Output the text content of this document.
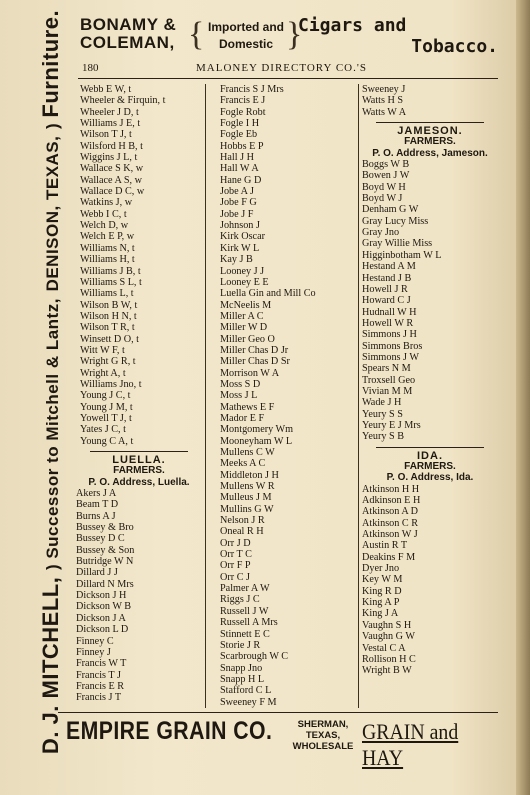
BONAMY &
COLEMAN, { Imported and
Domestic }
Cigars and
Tobacco.
180	MALONEY DIRECTORY CO.'S
D. J. MITCHELL, ) Successor to Mitchell & Lantz, DENISON, TEXAS, ) Furniture.	Webb E W, t
Wheeler & Firquin, t
Wheeler J D, t
Williams J E, t
Wilson T J, t
Wilsford H B, t
Wiggins J L, t
Wallace S K, w
Wallace A S, w
Wallace D C, w
Watkins J, w
Webb I C, t
Welch D, w
Welch E P, w
Williams N, t
Williams H, t
Williams J B, t
Williams S L, t
Williams L, t
Wilson B W, t
Wilson H N, t
Wilson T R, t
Winsett D O, t
Witt W F, t
Wright G R, t
Wright A, t
Williams Jno, t
Young J C, t
Young J M, t
Yowell T J, t
Yates J C, t
Young C A, t
LUELLA.
FARMERS.
P. O. Address, Luella.
Akers J A
Beam T D
Burns A J
Bussey & Bro
Bussey D C
Bussey & Son
Butridge W N
Dillard J J
Dillard N Mrs
Dickson J H
Dickson W B
Dickson J A
Dickson L D
Finney C
Finney J
Francis W T
Francis T J
Francis E R
Francis J T
Francis S J Mrs
Francis E J
Fogle Robt
Fogle I H
Fogle Eb
Hobbs E P
Hall J H
Hall W A
Hane G D
Jobe A J
Jobe F G
Jobe J F
Johnson J
Kirk Oscar
Kirk W L
Kay J B
Looney J J
Looney E E
Luella Gin and Mill Co
McNeelis M
Miller A C
Miller W D
Miller Geo O
Miller Chas D Jr
Miller Chas D Sr
Morrison W A
Moss S D
Moss J L
Mathews E F
Mador E F
Montgomery Wm
Mooneyham W L
Mullens C W
Meeks A C
Middleton J H
Mullens W R
Mulleus J M
Mullins G W
Nelson J R
Oneal R H
Orr J D
Orr T C
Orr F P
Orr C J
Palmer A W
Riggs J C
Russell J W
Russell A Mrs
Stinnett E C
Storie J R
Scarbrough W C
Snapp Jno
Snapp H L
Stafford C L
Sweeney F M
Sweeney J
Watts H S
Watts W A
JAMESON.
FARMERS.
P. O. Address, Jameson.
Boggs W B
Bowen J W
Boyd W H
Boyd W J
Denham G W
Gray Lucy Miss
Gray Jno
Gray Willie Miss
Higginbotham W L
Hestand A M
Hestand J B
Howell J R
Howard C J
Hudnall W H
Howell W R
Simmons J H
Simmons Bros
Simmons J W
Spears N M
Troxsell Geo
Vivian M M
Wade J H
Yeury S S
Yeury E J Mrs
Yeury S B
IDA.
FARMERS.
P. O. Address, Ida.
Atkinson H H
Adkinson E H
Atkinson A D
Atkinson C R
Atkinson W J
Austin R T
Deakins F M
Dyer Jno
Key W M
King R D
King A P
King J A
Vaughn S H
Vaughn G W
Vestal C A
Rollison H C
Wright B W
EMPIRE GRAIN CO.	SHERMAN,
TEXAS,
WHOLESALE
GRAIN and HAY
